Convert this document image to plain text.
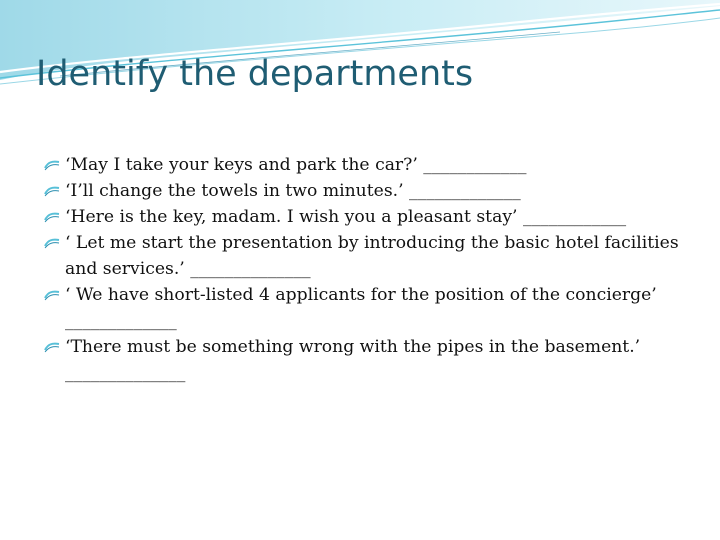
Identify the departments
‘May I take your keys and park the car?’ ____________
‘I’ll change the towels in two minutes.’ _____________
‘Here is the key, madam. I wish you a pleasant stay’ ____________
‘ Let me start the presentation by introducing the basic hotel facilities and services.’ ______________
‘ We have short-listed 4 applicants for the position of the concierge’ _____________
‘There must be something wrong with the pipes in the basement.’ ______________
